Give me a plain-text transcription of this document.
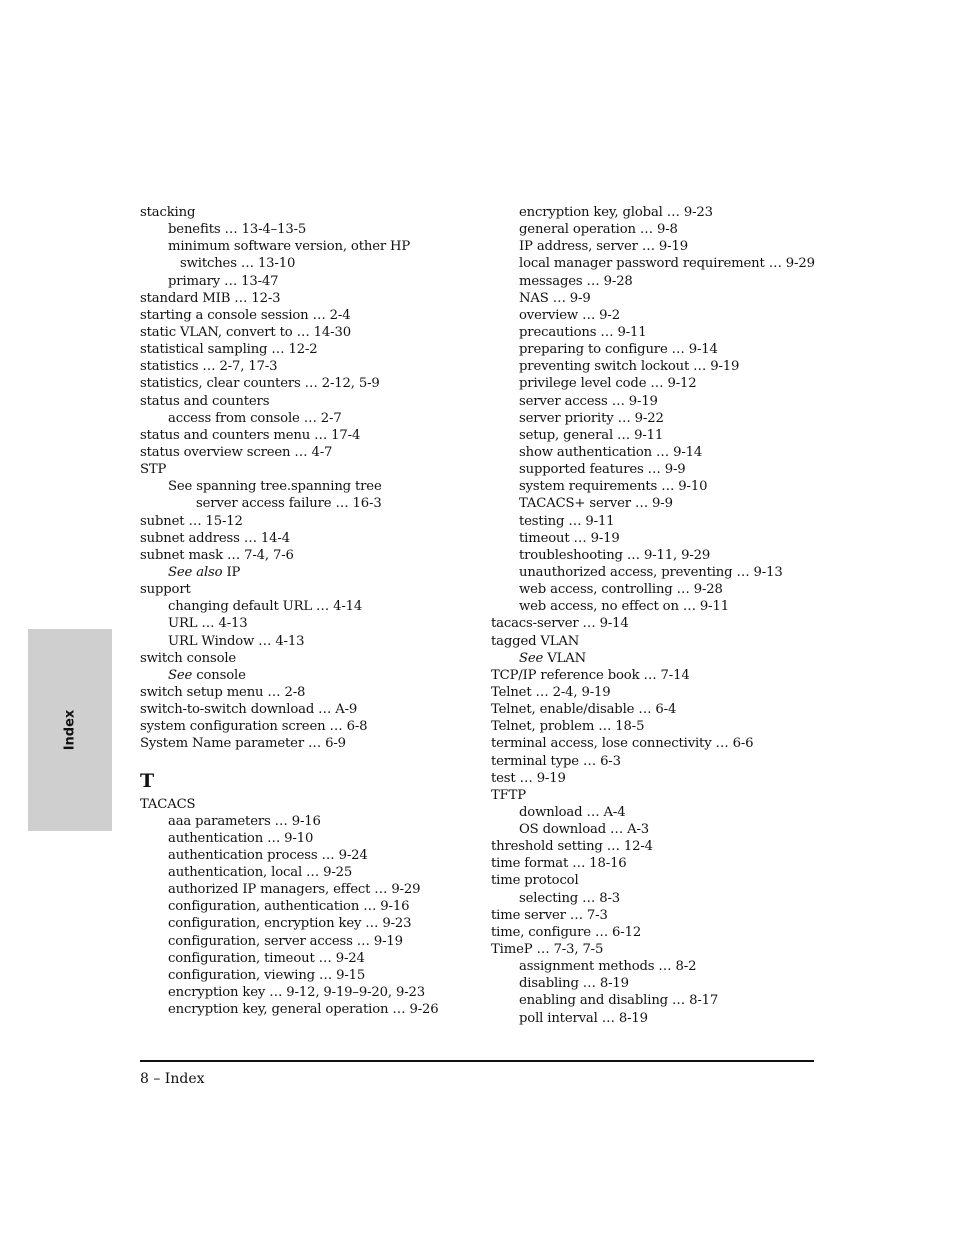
Index
stacking
benefits … 13-4–13-5
minimum software version, other HP
switches … 13-10
primary … 13-47
standard MIB … 12-3
starting a console session … 2-4
static VLAN, convert to … 14-30
statistical sampling … 12-2
statistics … 2-7, 17-3
statistics, clear counters … 2-12, 5-9
status and counters
access from console … 2-7
status and counters menu … 17-4
status overview screen … 4-7
STP
See spanning tree.spanning tree
server access failure … 16-3
subnet … 15-12
subnet address … 14-4
subnet mask … 7-4, 7-6
See also IP
support
changing default URL … 4-14
URL … 4-13
URL Window … 4-13
switch console
See console
switch setup menu … 2-8
switch-to-switch download … A-9
system configuration screen … 6-8
System Name parameter … 6-9
T
TACACS
aaa parameters … 9-16
authentication … 9-10
authentication process … 9-24
authentication, local … 9-25
authorized IP managers, effect … 9-29
configuration, authentication … 9-16
configuration, encryption key … 9-23
configuration, server access … 9-19
configuration, timeout … 9-24
configuration, viewing … 9-15
encryption key … 9-12, 9-19–9-20, 9-23
encryption key, general operation … 9-26
encryption key, global … 9-23
general operation … 9-8
IP address, server … 9-19
local manager password requirement … 9-29
messages … 9-28
NAS … 9-9
overview … 9-2
precautions … 9-11
preparing to configure … 9-14
preventing switch lockout … 9-19
privilege level code … 9-12
server access … 9-19
server priority … 9-22
setup, general … 9-11
show authentication … 9-14
supported features … 9-9
system requirements … 9-10
TACACS+ server … 9-9
testing … 9-11
timeout … 9-19
troubleshooting … 9-11, 9-29
unauthorized access, preventing … 9-13
web access, controlling … 9-28
web access, no effect on … 9-11
tacacs-server … 9-14
tagged VLAN
See VLAN
TCP/IP reference book … 7-14
Telnet … 2-4, 9-19
Telnet, enable/disable … 6-4
Telnet, problem … 18-5
terminal access, lose connectivity … 6-6
terminal type … 6-3
test … 9-19
TFTP
download … A-4
OS download … A-3
threshold setting … 12-4
time format … 18-16
time protocol
selecting … 8-3
time server … 7-3
time, configure … 6-12
TimeP … 7-3, 7-5
assignment methods … 8-2
disabling … 8-19
enabling and disabling … 8-17
poll interval … 8-19
8 – Index
